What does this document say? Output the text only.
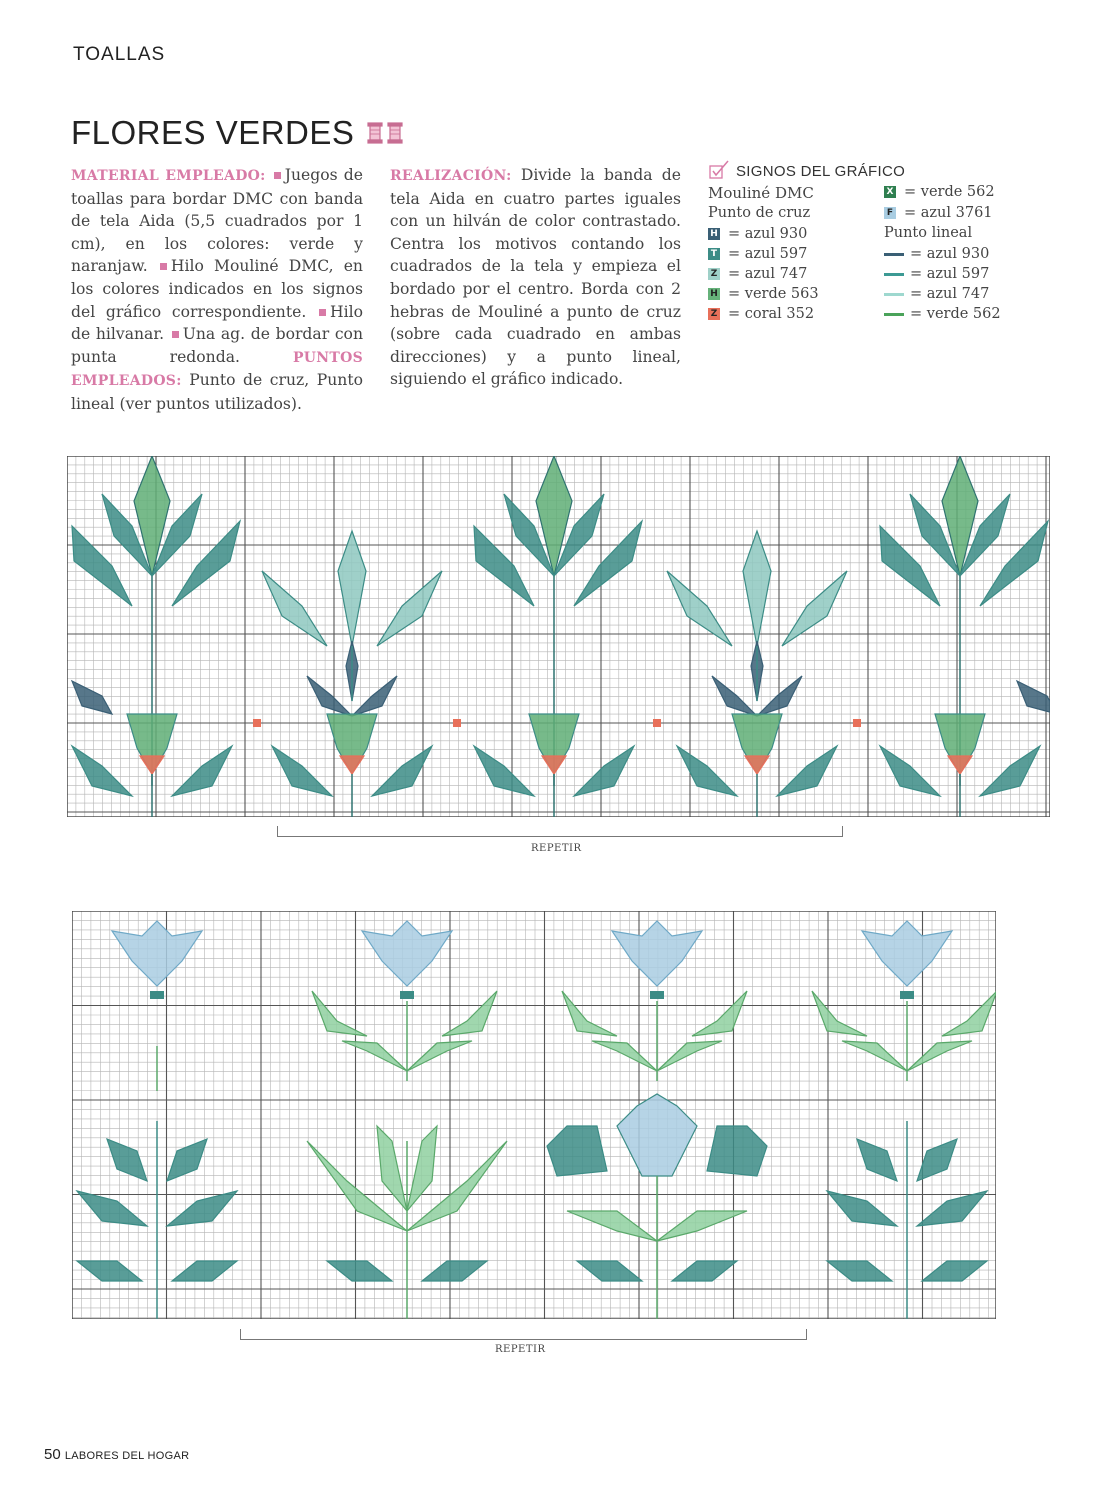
TOALLAS
FLORES VERDES
MATERIAL EMPLEADO: Juegos de toallas para bordar DMC con banda de tela Aida (5,5 cuadrados por 1 cm), en los colores: verde y naranjaw. Hilo Mouliné DMC, en los colores indicados en los signos del gráfico correspondiente. Hilo de hilvanar. Una ag. de bordar con punta redonda.	PUNTOS EMPLEADOS: Punto de cruz, Punto lineal (ver puntos utilizados).
REALIZACIÓN: Divide la banda de tela Aida en cuatro partes iguales con un hilván de color contrastado. Centra los motivos contando los cuadrados de la tela y empieza el bordado por el centro. Borda con 2 hebras de Mouliné a punto de cruz (sobre cada cuadrado en ambas direcciones) y a punto lineal, siguiendo el gráfico indicado.
SIGNOS DEL GRÁFICO
Mouliné DMC
Punto de cruz
Punto lineal
H = azul 930
T = azul 597
Z = azul 747
H = verde 563
Z = coral 352
X = verde 562
F = azul 3761
= azul 930
= azul 597
= azul 747
= verde 562
REPETIR
REPETIR
50 LABORES DEL HOGAR
